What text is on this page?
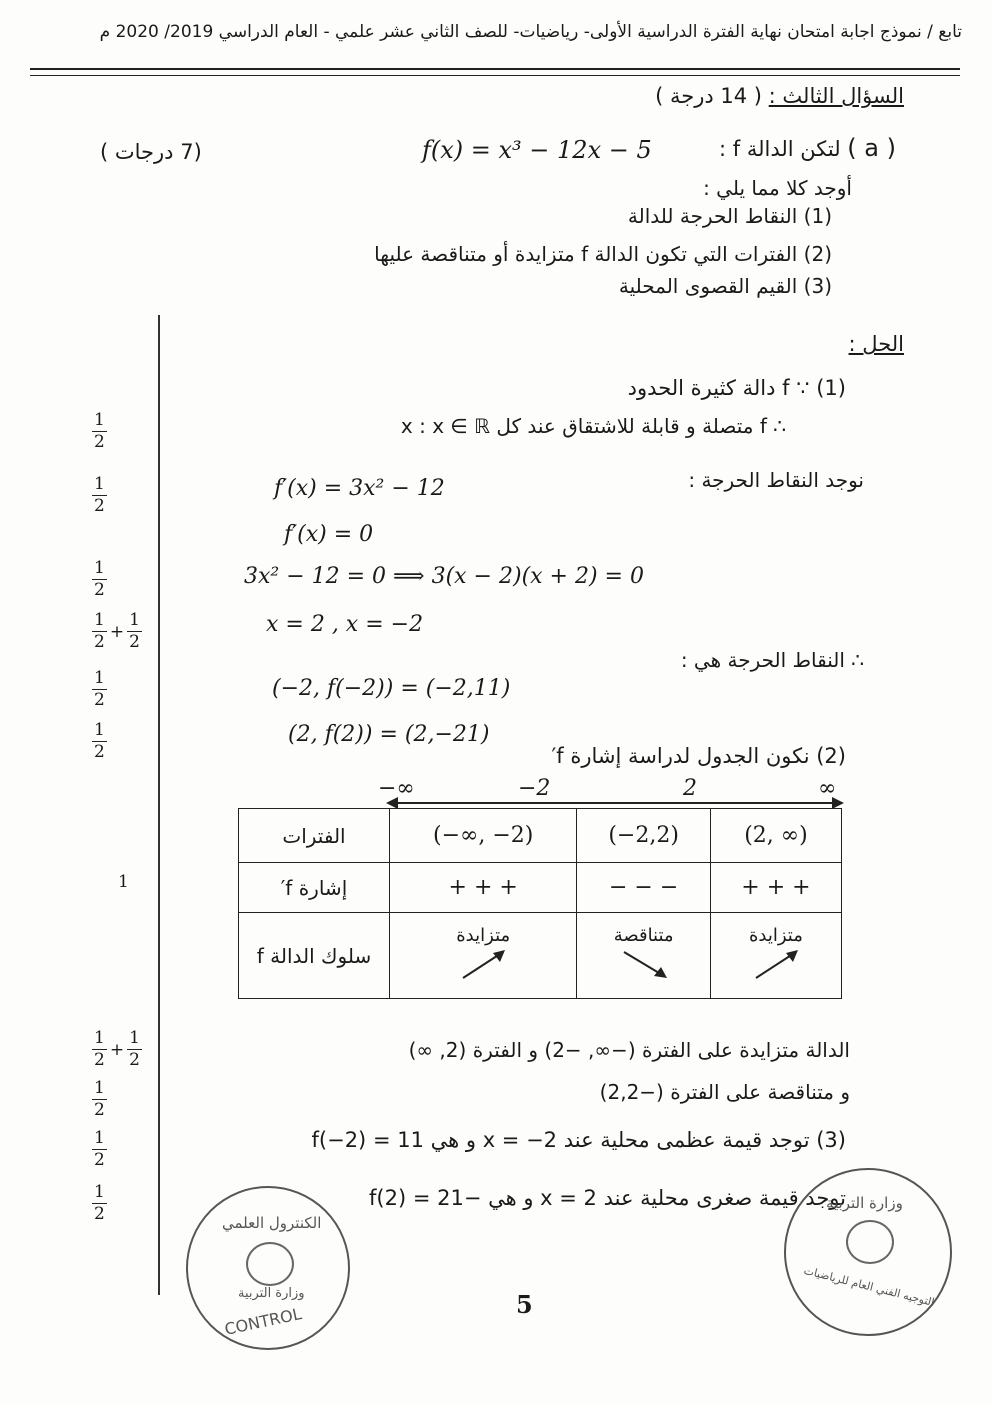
تابع / نموذج اجابة امتحان نهاية الفترة الدراسية الأولى- رياضيات- للصف الثاني عشر علمي - العام الدراسي 2019/ 2020 م
السؤال الثالث : ( 14 درجة )
( a ) لتكن الدالة f :
f(x) = x³ − 12x − 5
(7 درجات )
أوجد كلا مما يلي :
(1) النقاط الحرجة للدالة
(2) الفترات التي تكون الدالة f متزايدة أو متناقصة عليها
(3) القيم القصوى المحلية
الحل :
(1) ∵ f دالة كثيرة الحدود
∴ f متصلة و قابلة للاشتقاق عند كل x : x ∈ ℝ
نوجد النقاط الحرجة :
f′(x) = 3x² − 12
f′(x) = 0
3x² − 12 = 0 ⟹ 3(x − 2)(x + 2) = 0
x = 2 , x = −2
∴ النقاط الحرجة هي :
(−2, f(−2)) = (−2,11)
(2, f(2)) = (2,−21)
(2) نكون الجدول لدراسة إشارة f′
−∞	−2	2	∞
الفترات	(−∞, −2)	(−2,2)	(2, ∞)
إشارة f′	+ + +	− − −	+ + +
سلوك الدالة f	متزايدة	متناقصة	متزايدة
الدالة متزايدة على الفترة (−∞, −2) و الفترة (2, ∞)
و متناقصة على الفترة (−2,2)
(3) توجد قيمة عظمى محلية عند x = −2 و هي 11 = f(−2)
توجد قيمة صغرى محلية عند x = 2 و هي −21 = f(2)
$\frac{1}{2}$
$\frac{1}{2}$
$\frac{1}{2}$
$\frac{1}{2} + \frac{1}{2}$
$\frac{1}{2}$
$\frac{1}{2}$
1
$\frac{1}{2} + \frac{1}{2}$
$\frac{1}{2}$
$\frac{1}{2}$
$\frac{1}{2}$	الكنترول العلمي
وزارة التربية
CONTROL
وزارة التربية
التوجيه الفني العام للرياضيات
5
